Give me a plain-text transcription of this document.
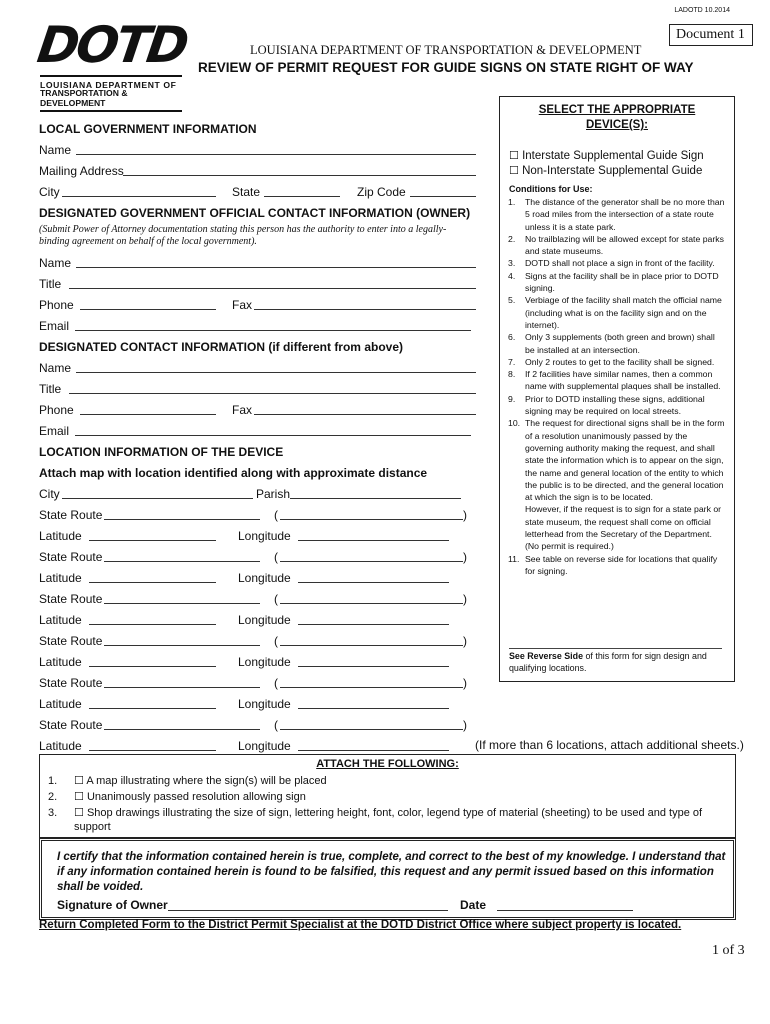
LADOTD 10.2014
Document 1
DOTD
LOUISIANA DEPARTMENT OF
TRANSPORTATION & DEVELOPMENT
LOUISIANA DEPARTMENT OF TRANSPORTATION & DEVELOPMENT
REVIEW OF PERMIT REQUEST FOR GUIDE SIGNS ON STATE RIGHT OF WAY
LOCAL GOVERNMENT INFORMATION
Name
Mailing Address
City	State	Zip Code
DESIGNATED GOVERNMENT OFFICIAL CONTACT INFORMATION (OWNER)
(Submit Power of Attorney documentation stating this person has the authority to enter into a legally-binding agreement on behalf of the local government).
Name
Title
Phone	Fax
Email
DESIGNATED CONTACT INFORMATION (if different from above)
Name
Title
Phone	Fax
Email
LOCATION INFORMATION OF THE DEVICE
Attach map with location identified along with approximate distance
City	Parish
State Route	(	)
Latitude	Longitude
State Route	(	)
Latitude	Longitude
State Route	(	)
Latitude	Longitude
State Route	(	)
Latitude	Longitude
State Route	(	)
Latitude	Longitude
State Route	(	)
Latitude	Longitude	(If more than 6 locations, attach additional sheets.)
SELECT THE APPROPRIATE
DEVICE(S):
☐ Interstate Supplemental Guide Sign
☐ Non-Interstate Supplemental Guide
Conditions for Use:
1.	The distance of the generator shall be no more than 5 road miles from the intersection of a state route unless it is a state park.
2.	No trailblazing will be allowed except for state parks and state museums.
3.	DOTD shall not place a sign in front of the facility.
4.	Signs at the facility shall be in place prior to DOTD signing.
5.	Verbiage of the facility shall match the official name (including what is on the facility sign and on the internet).
6.	Only 3 supplements (both green and brown) shall be installed at an intersection.
7.	Only 2 routes to get to the facility shall be signed.
8.	If 2 facilities have similar names, then a common name with supplemental plaques shall be installed.
9.	Prior to DOTD installing these signs, additional signing may be required on local streets.
10. The request for directional signs shall be in the form of a resolution unanimously passed by the governing authority making the request, and shall state the information which is to appear on the sign, the name and general location of the entity to which the public is to be directed, and the general location at which the sign is to be located.
However, if the request is to sign for a state park or state museum, the request shall come on official letterhead from the Secretary of the Department. (No permit is required.)
11. See table on reverse side for locations that qualify for signing.
See Reverse Side of this form for sign design and qualifying locations.
ATTACH THE FOLLOWING:
1. ☐ A map illustrating where the sign(s) will be placed
2. ☐ Unanimously passed resolution allowing sign
3. ☐ Shop drawings illustrating the size of sign, lettering height, font, color, legend type of material (sheeting) to be used and type of support
I certify that the information contained herein is true, complete, and correct to the best of my knowledge. I understand that if any information contained herein is found to be falsified, this request and any permit issued based on this information shall be voided.
Signature of Owner	Date
Return Completed Form to the District Permit Specialist at the DOTD District Office where subject property is located.
1 of 3
